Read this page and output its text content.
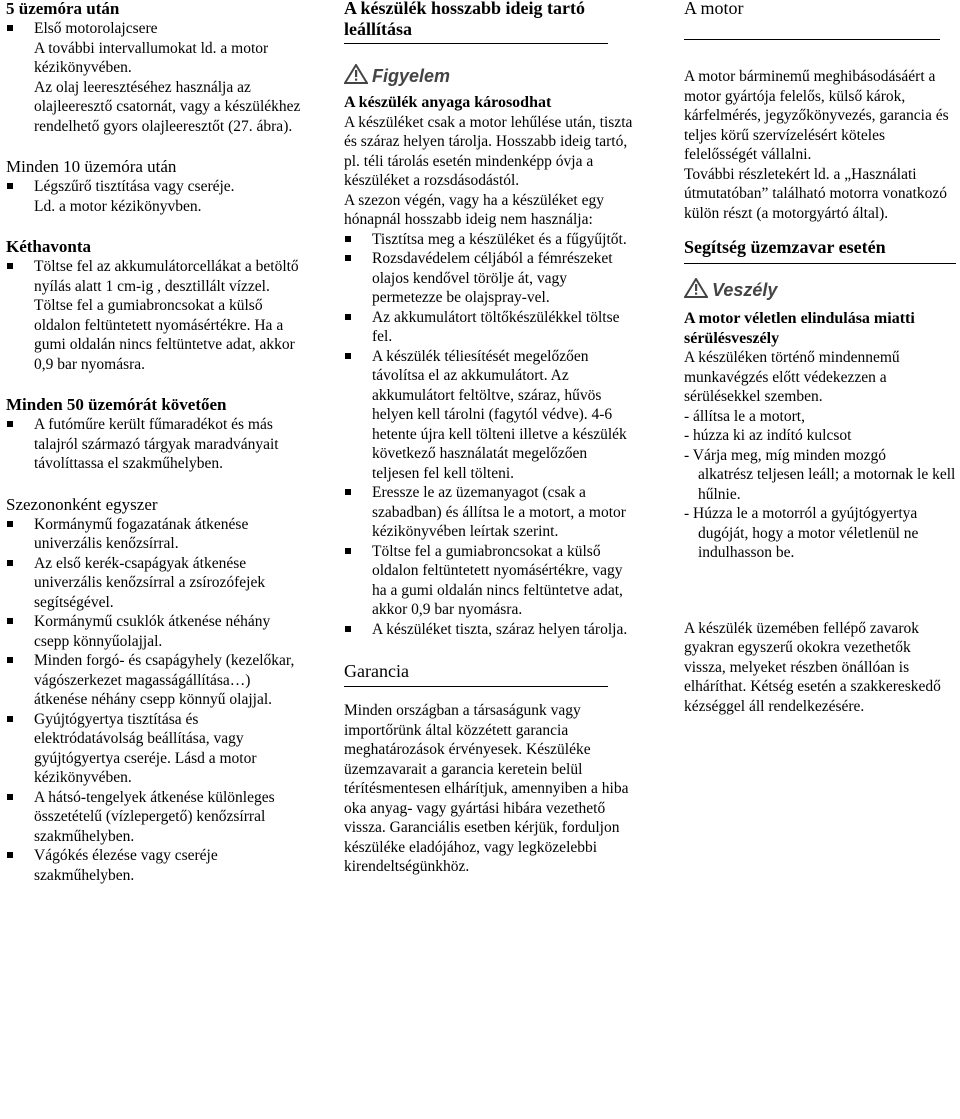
5 üzemóra után

Első motorolajcsere
A további intervallumokat ld. a motor kézikönyvében.
Az olaj leeresztéséhez használja az olajleeresztő csatornát, vagy a készülékhez rendelhető gyors olajleeresztőt (27. ábra).

Minden 10 üzemóra után

Légszűrő tisztítása vagy cseréje.

Ld. a motor kézikönyvben.

Kéthavonta

Töltse fel az akkumulátorcellákat a betöltő nyílás alatt 1 cm-ig , desztillált vízzel. Töltse fel a gumiabroncsokat a külső oldalon feltüntetett nyomásértékre. Ha a gumi oldalán nincs feltüntetve adat, akkor 0,9 bar nyomásra.

Minden 50 üzemórát követően

A futóműre került fűmaradékot és más talajról származó tárgyak maradványait távolíttassa el szakműhelyben.

Szezononként egyszer

Kormánymű fogazatának átkenése univerzális kenőzsírral.
Az első kerék-csapágyak átkenése univerzális kenőzsírral a zsírozófejek segítségével.
Kormánymű csuklók átkenése néhány csepp könnyűolajjal.
Minden forgó- és csapágyhely (kezelőkar, vágószerkezet magasságállítása…) átkenése néhány csepp könnyű olajjal.
Gyújtógyertya tisztítása és elektródatávolság beállítása, vagy gyújtógyertya cseréje. Lásd a motor kézikönyvében.
A hátsó-tengelyek átkenése különleges összetételű (vízlepergető) kenőzsírral szakműhelyben.
Vágókés élezése vagy cseréje szakműhelyben.

A készülék hosszabb ideig tartó leállítása

Figyelem

A készülék anyaga károsodhat

A készüléket csak a motor lehűlése után, tiszta és száraz helyen tárolja. Hosszabb ideig tartó, pl. téli tárolás esetén mindenképp óvja a készüléket a rozsdásodástól.

A szezon végén, vagy ha a készüléket egy hónapnál hosszabb ideig nem használja:

Tisztítsa meg a készüléket és a fűgyűjtőt.
Rozsdavédelem céljából a fémrészeket olajos kendővel törölje át, vagy permetezze be olajspray-vel.
Az akkumulátort töltőkészülékkel töltse fel.
A készülék téliesítését megelőzően távolítsa el az akkumulátort. Az akkumulátort feltöltve, száraz, hűvös helyen kell tárolni (fagytól védve). 4-6 hetente újra kell tölteni illetve a készülék következő használatát megelőzően teljesen fel kell tölteni.
Eressze le az üzemanyagot (csak a szabadban) és állítsa le a motort, a motor kézikönyvében leírtak szerint.
Töltse fel a gumiabroncsokat a külső oldalon feltüntetett nyomásértékre, vagy ha a gumi oldalán nincs feltüntetve adat, akkor 0,9 bar nyomásra.
A készüléket tiszta, száraz helyen tárolja.

Garancia

Minden országban a társaságunk vagy importőrünk által közzétett garancia meghatározások érvényesek. Készüléke üzemzavarait a garancia keretein belül térítésmentesen elhárítjuk, amennyiben a hiba oka anyag- vagy gyártási hibára vezethető vissza. Garanciális esetben kérjük, forduljon készüléke eladójához, vagy legközelebbi kirendeltségünkhöz.

A motor

A motor bárminemű meghibásodásáért a motor gyártója felelős, külső károk, kárfelmérés, jegyzőkönyvezés, garancia és teljes körű szervízelésért köteles felelősségét vállalni.
További részletekért ld. a „Használati útmutatóban” található motorra vonatkozó külön részt (a motorgyártó által).

Segítség üzemzavar esetén

Veszély

A motor véletlen elindulása miatti sérülésveszély

A készüléken történő mindennemű munkavégzés előtt védekezzen a sérülésekkel szemben.

- állítsa le a motort,

- húzza ki az indító kulcsot

- Várja meg, míg minden mozgó

alkatrész teljesen leáll; a motornak le kell hűlnie.

- Húzza le a motorról a gyújtógyertya

dugóját, hogy a motor véletlenül ne indulhasson be.

A készülék üzemében fellépő zavarok gyakran egyszerű okokra vezethetők vissza, melyeket részben önállóan is elháríthat. Kétség esetén a szakkereskedő kézséggel áll rendelkezésére.
